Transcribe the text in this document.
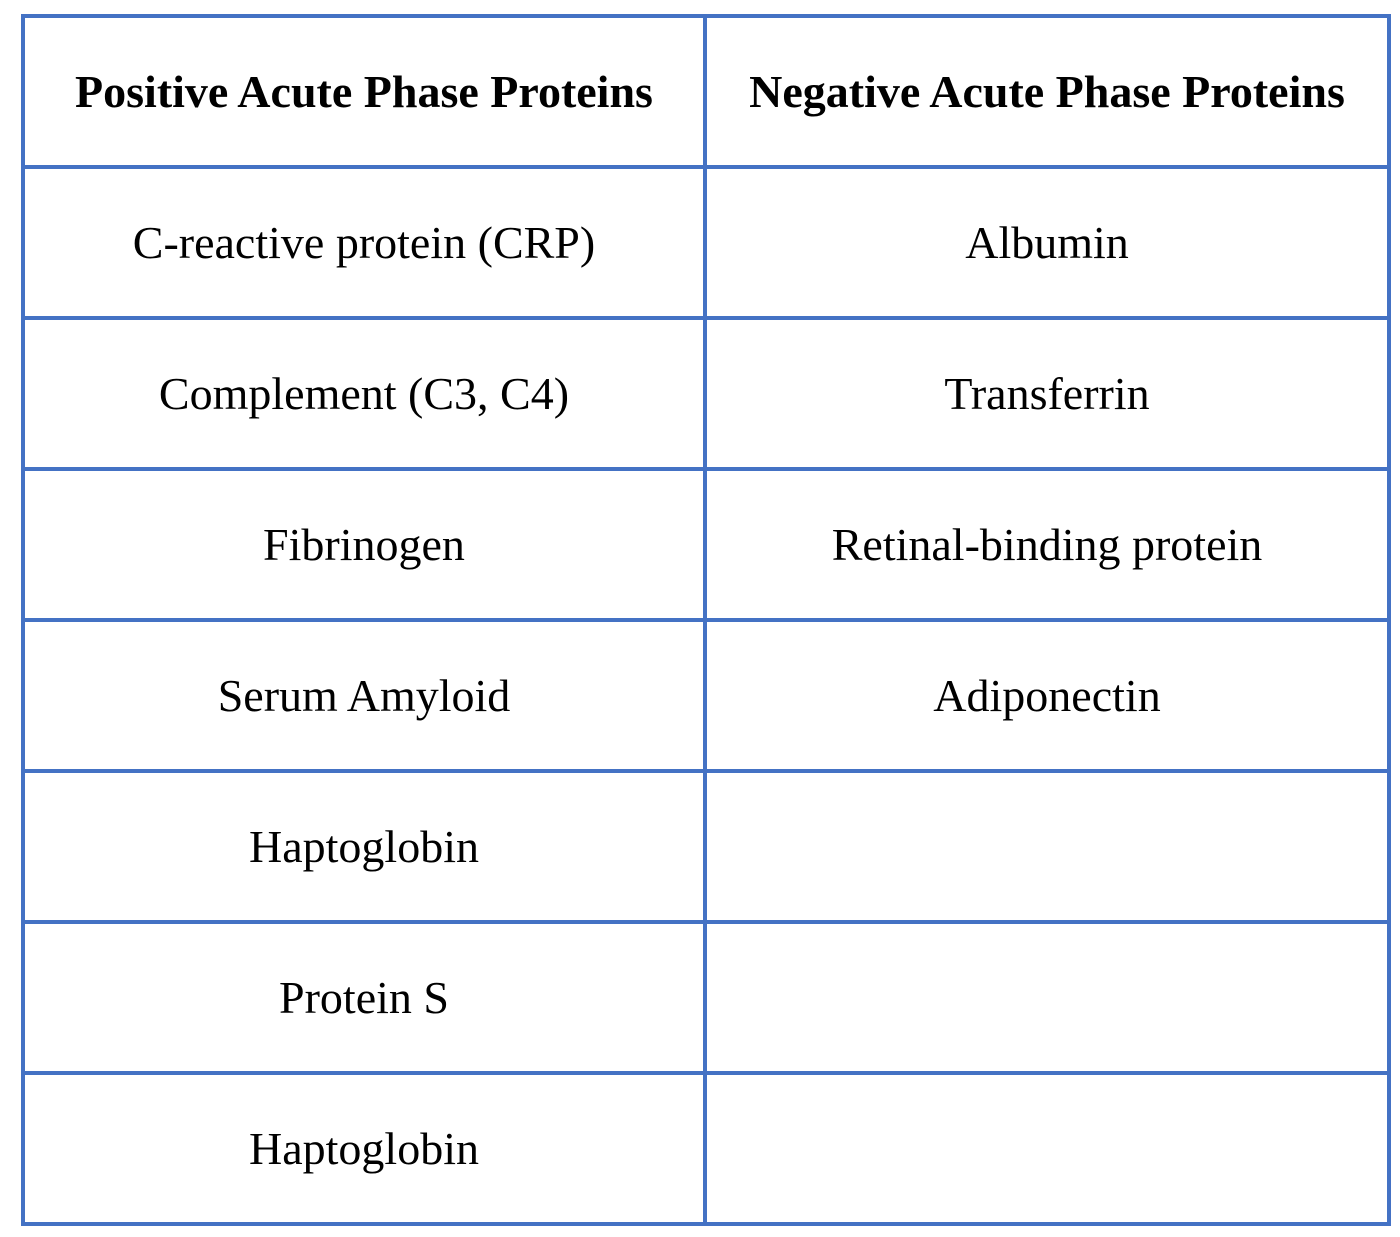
Positive Acute Phase Proteins	Negative Acute Phase Proteins
C-reactive protein (CRP)	Albumin
Complement (C3, C4)	Transferrin
Fibrinogen	Retinal-binding protein
Serum Amyloid	Adiponectin
Haptoglobin	
Protein S	
Haptoglobin	
